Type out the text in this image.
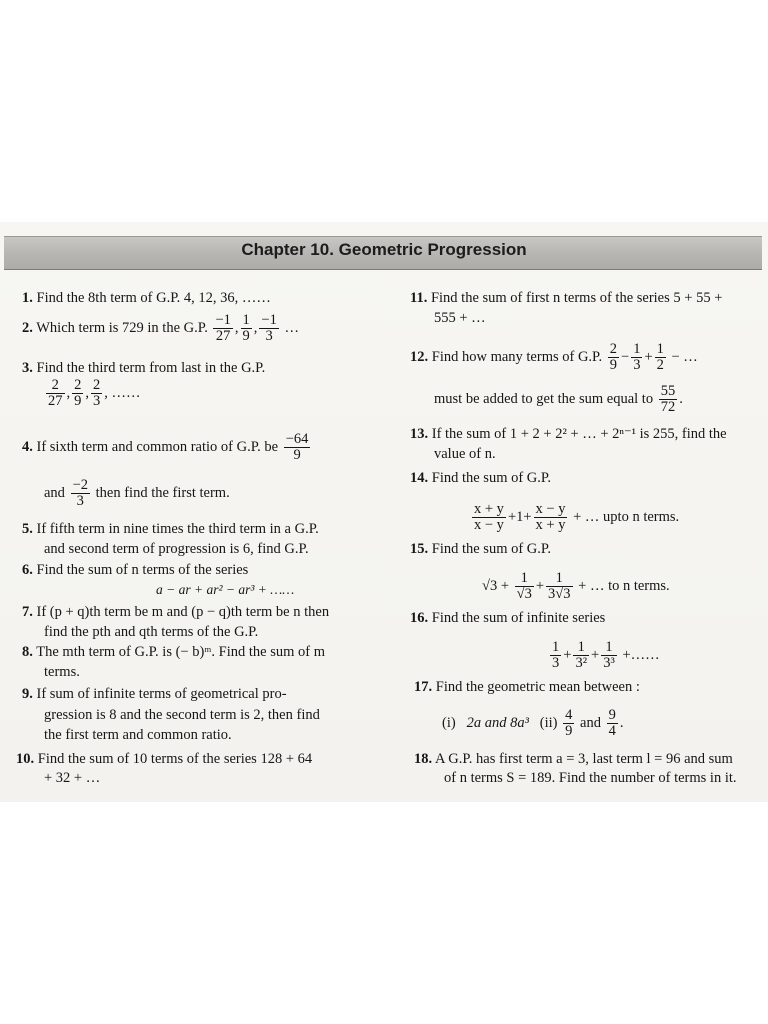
Chapter 10. Geometric Progression
1. Find the 8th term of G.P. 4, 12, 36, ……
2. Which term is 729 in the G.P. $\frac{-1}{27}$ , $\frac{1}{9}$ , $\frac{-1}{3}$ …
3. Find the third term from last in the G.P.
$\frac{2}{27}$ , $\frac{2}{9}$ , $\frac{2}{3}$ , ……
4. If sixth term and common ratio of G.P. be $\frac{-64}{9}$
and $\frac{-2}{3}$ then find the first term.
5. If fifth term in nine times the third term in a G.P.
and second term of progression is 6, find G.P.
6. Find the sum of n terms of the series
a − ar + ar² − ar³ + ……
7. If (p + q)th term be m and (p − q)th term be n then
find the pth and qth terms of the G.P.
8. The mth term of G.P. is (− b)ᵐ. Find the sum of m
terms.
9. If sum of infinite terms of geometrical pro-
gression is 8 and the second term is 2, then find
the first term and common ratio.
10. Find the sum of 10 terms of the series 128 + 64
+ 32 + …
11. Find the sum of first n terms of the series 5 + 55 +
555 + …
12. Find how many terms of G.P. $\frac{2}{9} - \frac{1}{3} + \frac{1}{2}$ − …
must be added to get the sum equal to $\frac{55}{72}$ .
13. If the sum of 1 + 2 + 2² + … + 2ⁿ⁻¹ is 255, find the
value of n.
14. Find the sum of G.P.
$\frac{x + y}{x - y} +1+ \frac{x - y}{x + y}$ + … upto n terms.
15. Find the sum of G.P.
$√3 + \frac{1}{√3} + \frac{1}{3√3}$ + … to n terms.
16. Find the sum of infinite series
$\frac{1}{3} + \frac{1}{\text{3²}} + \frac{1}{\text{3³}}$ +……
17. Find the geometric mean between :
(i) 2a and 8a³ $(ii) \frac{4}{9}$ and $\frac{9}{4}$ .
18. A G.P. has first term a = 3, last term l = 96 and sum
of n terms S = 189. Find the number of terms in it.
